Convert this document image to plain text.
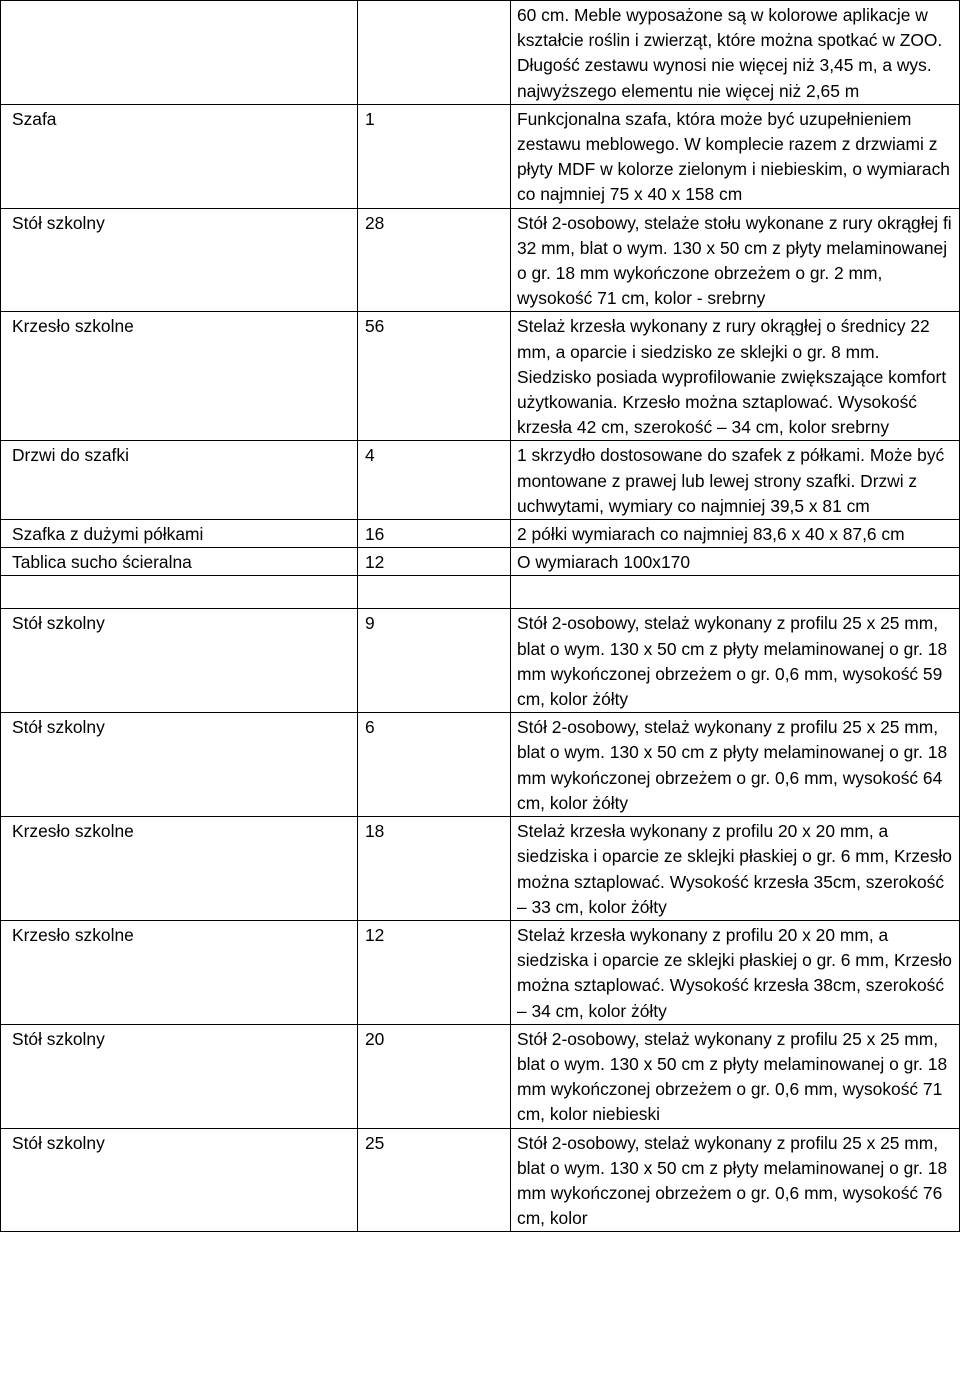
		60 cm. Meble wyposażone są w kolorowe aplikacje w kształcie roślin i zwierząt, które można spotkać w ZOO. Długość zestawu wynosi nie więcej niż 3,45 m, a wys. najwyższego elementu nie więcej niż 2,65 m
Szafa	1	Funkcjonalna szafa, która może być uzupełnieniem zestawu meblowego. W komplecie razem z drzwiami z płyty MDF w kolorze zielonym i niebieskim, o wymiarach co najmniej 75 x 40 x 158 cm
Stół szkolny	28	Stół 2-osobowy, stelaże stołu wykonane z rury okrągłej fi 32 mm, blat o wym. 130 x 50 cm z płyty melaminowanej o gr. 18 mm wykończone obrzeżem o gr. 2 mm, wysokość 71 cm, kolor - srebrny
Krzesło szkolne	56	Stelaż krzesła wykonany z rury okrągłej o średnicy 22 mm, a oparcie i siedzisko ze sklejki o gr. 8 mm. Siedzisko posiada wyprofilowanie zwiększające komfort użytkowania. Krzesło można sztaplować. Wysokość krzesła 42 cm, szerokość – 34 cm, kolor srebrny
Drzwi do szafki	4	1 skrzydło dostosowane do szafek z półkami. Może być montowane z prawej lub lewej strony szafki. Drzwi z uchwytami, wymiary co najmniej 39,5 x 81 cm
Szafka z dużymi półkami	16	2 półki wymiarach co najmniej 83,6 x 40 x 87,6 cm
Tablica sucho ścieralna	12	O wymiarach 100x170

Stół szkolny	9	Stół 2-osobowy, stelaż wykonany z profilu 25 x 25 mm, blat o wym. 130 x 50 cm z płyty melaminowanej o gr. 18 mm wykończonej obrzeżem o gr. 0,6 mm, wysokość 59 cm, kolor żółty
Stół szkolny	6	Stół 2-osobowy, stelaż wykonany z profilu 25 x 25 mm, blat o wym. 130 x 50 cm z płyty melaminowanej o gr. 18 mm wykończonej obrzeżem o gr. 0,6 mm, wysokość 64 cm, kolor żółty
Krzesło szkolne	18	Stelaż krzesła wykonany z profilu 20 x 20 mm, a siedziska i oparcie ze sklejki płaskiej o gr. 6 mm, Krzesło można sztaplować. Wysokość krzesła 35cm, szerokość – 33 cm, kolor żółty
Krzesło szkolne	12	Stelaż krzesła wykonany z profilu 20 x 20 mm, a siedziska i oparcie ze sklejki płaskiej o gr. 6 mm, Krzesło można sztaplować. Wysokość krzesła 38cm, szerokość – 34 cm, kolor żółty
Stół szkolny	20	Stół 2-osobowy, stelaż wykonany z profilu 25 x 25 mm, blat o wym. 130 x 50 cm z płyty melaminowanej o gr. 18 mm wykończonej obrzeżem o gr. 0,6 mm, wysokość 71 cm, kolor niebieski
Stół szkolny	25	Stół 2-osobowy, stelaż wykonany z profilu 25 x 25 mm, blat o wym. 130 x 50 cm z płyty melaminowanej o gr. 18 mm wykończonej obrzeżem o gr. 0,6 mm, wysokość 76 cm, kolor
